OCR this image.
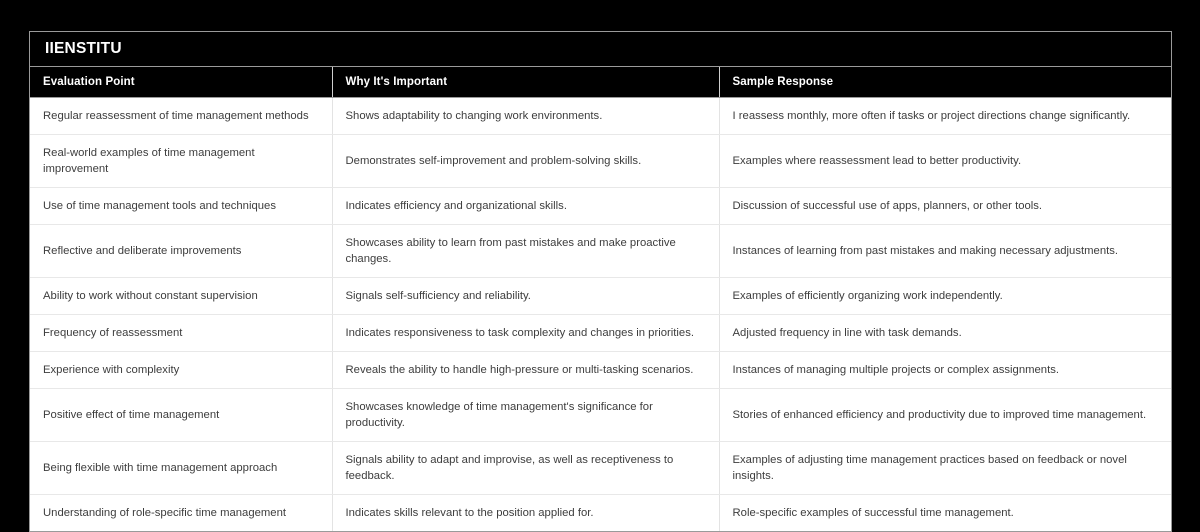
IIENSTITU
Evaluation Point	Why It's Important	Sample Response
Regular reassessment of time management methods	Shows adaptability to changing work environments.	I reassess monthly, more often if tasks or project directions change significantly.
Real-world examples of time management improvement	Demonstrates self-improvement and problem-solving skills.	Examples where reassessment lead to better productivity.
Use of time management tools and techniques	Indicates efficiency and organizational skills.	Discussion of successful use of apps, planners, or other tools.
Reflective and deliberate improvements	Showcases ability to learn from past mistakes and make proactive changes.	Instances of learning from past mistakes and making necessary adjustments.
Ability to work without constant supervision	Signals self-sufficiency and reliability.	Examples of efficiently organizing work independently.
Frequency of reassessment	Indicates responsiveness to task complexity and changes in priorities.	Adjusted frequency in line with task demands.
Experience with complexity	Reveals the ability to handle high-pressure or multi-tasking scenarios.	Instances of managing multiple projects or complex assignments.
Positive effect of time management	Showcases knowledge of time management's significance for productivity.	Stories of enhanced efficiency and productivity due to improved time management.
Being flexible with time management approach	Signals ability to adapt and improvise, as well as receptiveness to feedback.	Examples of adjusting time management practices based on feedback or novel insights.
Understanding of role-specific time management	Indicates skills relevant to the position applied for.	Role-specific examples of successful time management.
